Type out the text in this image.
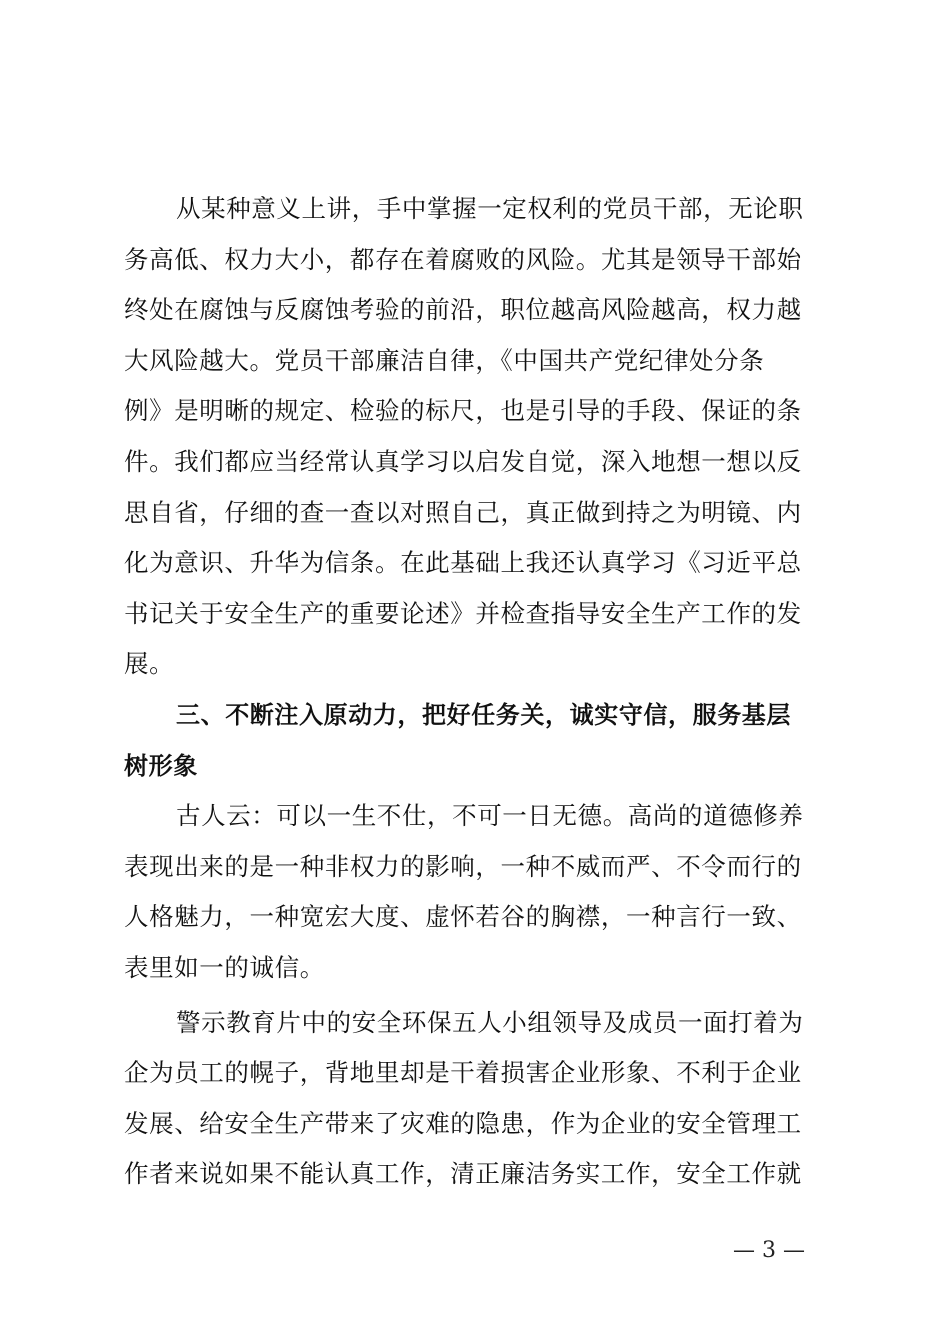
从某种意义上讲，手中掌握一定权利的党员干部，无论职
务高低、权力大小，都存在着腐败的风险。尤其是领导干部始
终处在腐蚀与反腐蚀考验的前沿，职位越高风险越高，权力越
大风险越大。党员干部廉洁自律，《中国共产党纪律处分条
例》是明晰的规定、检验的标尺，也是引导的手段、保证的条
件。我们都应当经常认真学习以启发自觉，深入地想一想以反
思自省，仔细的查一查以对照自己，真正做到持之为明镜、内
化为意识、升华为信条。在此基础上我还认真学习《习近平总
书记关于安全生产的重要论述》并检查指导安全生产工作的发
展。
三、不断注入原动力，把好任务关，诚实守信，服务基层
树形象
古人云：可以一生不仕，不可一日无德。高尚的道德修养
表现出来的是一种非权力的影响，一种不威而严、不令而行的
人格魅力，一种宽宏大度、虚怀若谷的胸襟，一种言行一致、
表里如一的诚信。
警示教育片中的安全环保五人小组领导及成员一面打着为
企为员工的幌子，背地里却是干着损害企业形象、不利于企业
发展、给安全生产带来了灾难的隐患，作为企业的安全管理工
作者来说如果不能认真工作，清正廉洁务实工作，安全工作就
— 3 —
